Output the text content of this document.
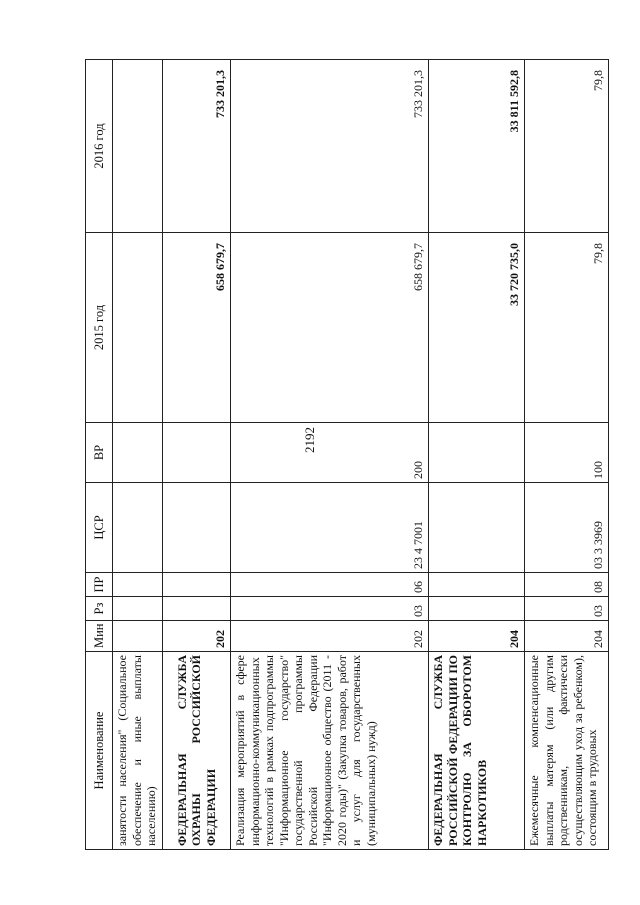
2192
Наименование	Мин	Рз	ПР	ЦСР	ВР	2015 год	2016 год
занятости населения" (Социальное обеспечение и иные выплаты населению)							
ФЕДЕРАЛЬНАЯ СЛУЖБА ОХРАНЫ РОССИЙСКОЙ ФЕДЕРАЦИИ	202					658 679,7	733 201,3
Реализация мероприятий в сфере информационно-коммуникационных технологий в рамках подпрограммы "Информационное государство" государственной программы Российской Федерации "Информационное общество (2011 - 2020 годы)" (Закупка товаров, работ и услуг для государственных (муниципальных) нужд)	202	03	06	23 4 7001	200	658 679,7	733 201,3
ФЕДЕРАЛЬНАЯ СЛУЖБА РОССИЙСКОЙ ФЕДЕРАЦИИ ПО КОНТРОЛЮ ЗА ОБОРОТОМ НАРКОТИКОВ	204					33 720 735,0	33 811 592,8
Ежемесячные компенсационные выплаты матерям (или другим родственникам, фактически осуществляющим уход за ребенком), состоящим в трудовых	204	03	08	03 3 3969	100	79,8	79,8
